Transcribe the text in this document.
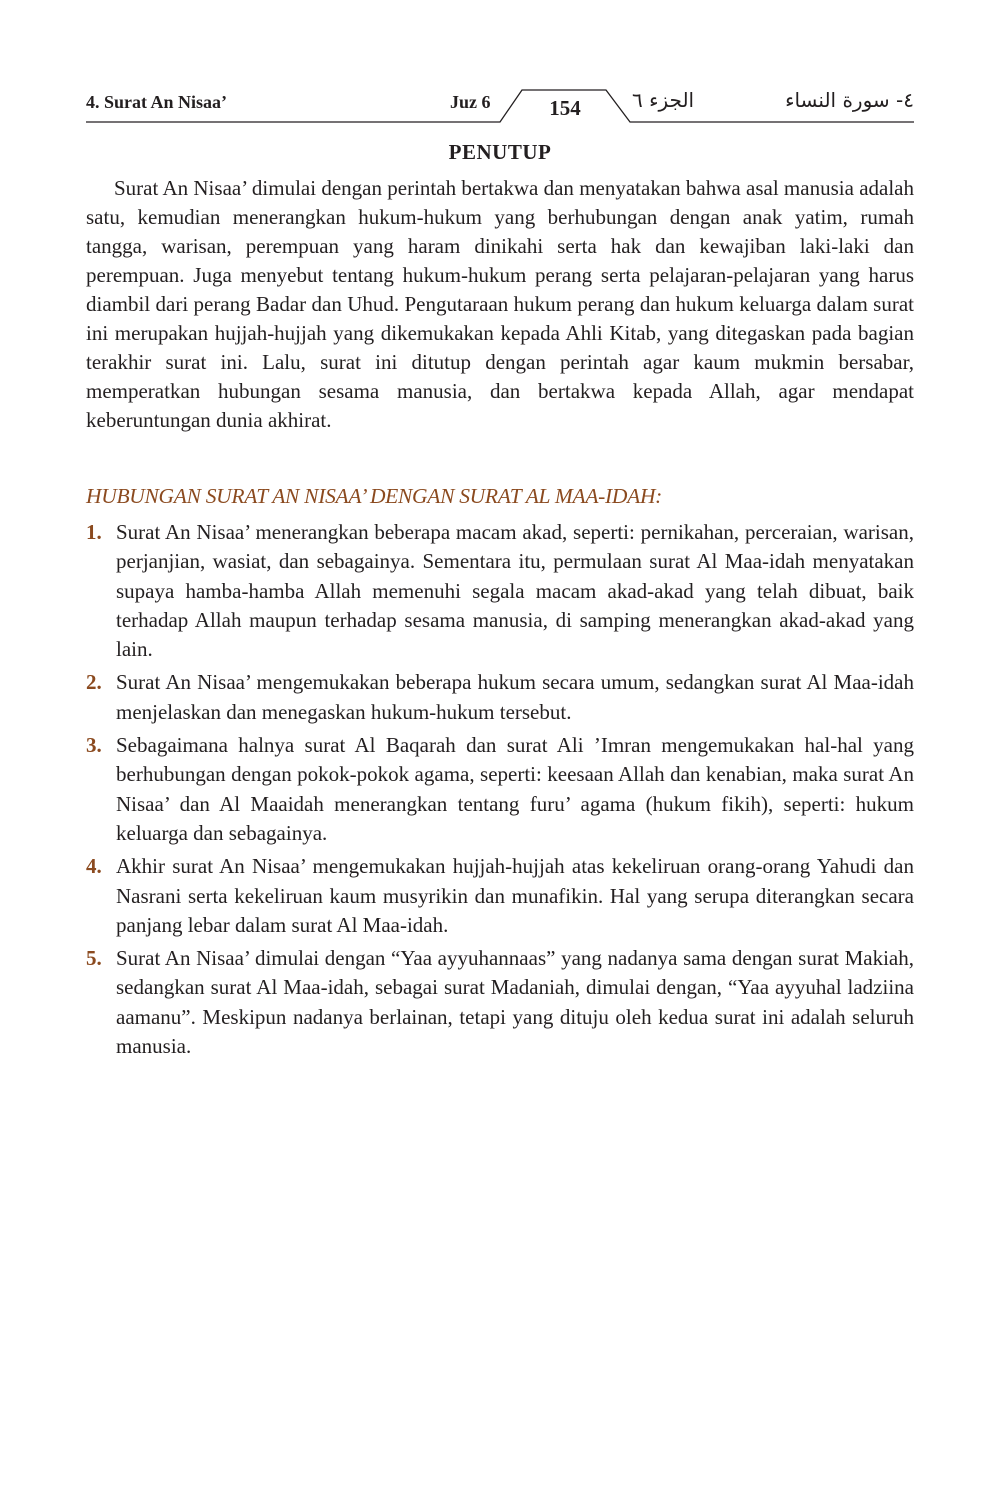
4. Surat An Nisaa’	Juz 6	154	الجزء ٦	٤- سورة النساء
PENUTUP

Surat An Nisaa’ dimulai dengan perintah bertakwa dan menyatakan bahwa asal manusia adalah satu, kemudian menerangkan hukum-hukum yang berhubungan dengan anak yatim, rumah tangga, warisan, perempuan yang haram dinikahi serta hak dan kewajiban laki-laki dan perempuan. Juga menyebut tentang hukum-hukum perang serta pelajaran-pelajaran yang harus diambil dari perang Badar dan Uhud. Pengutaraan hukum perang dan hukum keluarga dalam surat ini merupakan hujjah-hujjah yang dikemukakan kepada Ahli Kitab, yang ditegaskan pada bagian terakhir surat ini. Lalu, surat ini ditutup dengan perintah agar kaum mukmin bersabar, memperatkan hubungan sesama manusia, dan bertakwa kepada Allah, agar mendapat keberuntungan dunia akhirat.

HUBUNGAN SURAT AN NISAA’ DENGAN SURAT AL MAA-IDAH:
1. Surat An Nisaa’ menerangkan beberapa macam akad, seperti: pernikahan, perceraian, warisan, perjanjian, wasiat, dan sebagainya. Sementara itu, permulaan surat Al Maa-idah menyatakan supaya hamba-hamba Allah memenuhi segala macam akad-akad yang telah dibuat, baik terhadap Allah maupun terhadap sesama manusia, di samping menerangkan akad-akad yang lain.
2. Surat An Nisaa’ mengemukakan beberapa hukum secara umum, sedangkan surat Al Maa-idah menjelaskan dan menegaskan hukum-hukum tersebut.
3. Sebagaimana halnya surat Al Baqarah dan surat Ali ’Imran mengemukakan hal-hal yang berhubungan dengan pokok-pokok agama, seperti: keesaan Allah dan kenabian, maka surat An Nisaa’ dan Al Maaidah menerangkan tentang furu’ agama (hukum fikih), seperti: hukum keluarga dan sebagainya.
4. Akhir surat An Nisaa’ mengemukakan hujjah-hujjah atas kekeliruan orang-orang Yahudi dan Nasrani serta kekeliruan kaum musyrikin dan munafikin. Hal yang serupa diterangkan secara panjang lebar dalam surat Al Maa-idah.
5. Surat An Nisaa’ dimulai dengan “Yaa ayyuhannaas” yang nadanya sama dengan surat Makiah, sedangkan surat Al Maa-idah, sebagai surat Madaniah, dimulai dengan, “Yaa ayyuhal ladziina aamanu”. Meskipun nadanya berlainan, tetapi yang dituju oleh kedua surat ini adalah seluruh manusia.
